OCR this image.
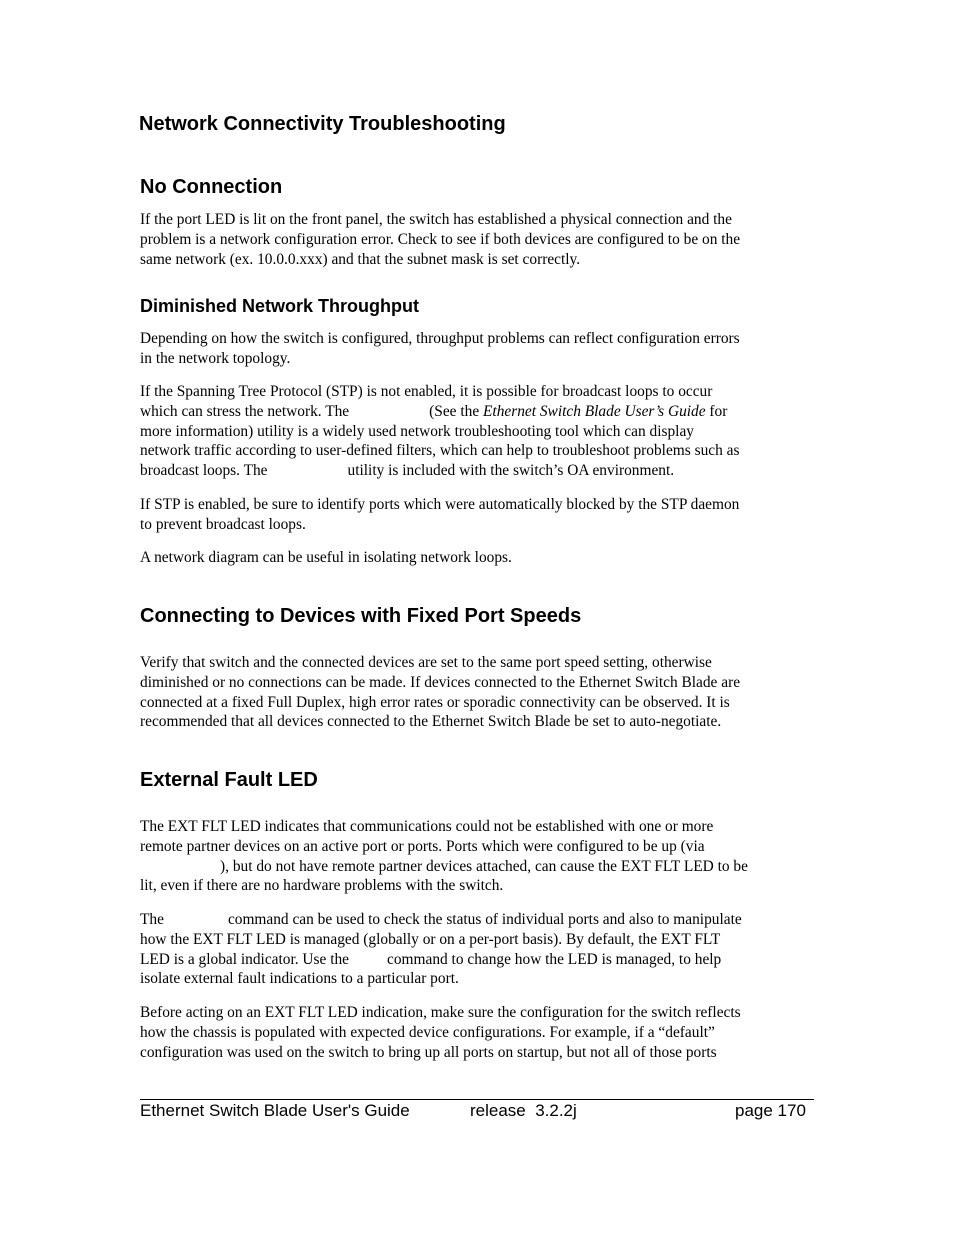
Network Connectivity Troubleshooting
No Connection

If the port LED is lit on the front panel, the switch has established a physical connection and the
problem is a network configuration error. Check to see if both devices are configured to be on the
same network (ex. 10.0.0.xxx) and that the subnet mask is set correctly.

Diminished Network Throughput

Depending on how the switch is configured, throughput problems can reflect configuration errors
in the network topology.

If the Spanning Tree Protocol (STP) is not enabled, it is possible for broadcast loops to occur
which can stress the network. The	(See the Ethernet Switch Blade User’s Guide for
more information) utility is a widely used network troubleshooting tool which can display
network traffic according to user-defined filters, which can help to troubleshoot problems such as
broadcast loops. The	utility is included with the switch’s OA environment.

If STP is enabled, be sure to identify ports which were automatically blocked by the STP daemon
to prevent broadcast loops.

A network diagram can be useful in isolating network loops.

Connecting to Devices with Fixed Port Speeds

Verify that switch and the connected devices are set to the same port speed setting, otherwise
diminished or no connections can be made. If devices connected to the Ethernet Switch Blade are
connected at a fixed Full Duplex, high error rates or sporadic connectivity can be observed. It is
recommended that all devices connected to the Ethernet Switch Blade be set to auto-negotiate.

External Fault LED

The EXT FLT LED indicates that communications could not be established with one or more
remote partner devices on an active port or ports. Ports which were configured to be up (via
), but do not have remote partner devices attached, can cause the EXT FLT LED to be
lit, even if there are no hardware problems with the switch.

The	command can be used to check the status of individual ports and also to manipulate
how the EXT FLT LED is managed (globally or on a per-port basis). By default, the EXT FLT
LED is a global indicator. Use the command to change how the LED is managed, to help
isolate external fault indications to a particular port.

Before acting on an EXT FLT LED indication, make sure the configuration for the switch reflects
how the chassis is populated with expected device configurations. For example, if a “default”
configuration was used on the switch to bring up all ports on startup, but not all of those ports

Ethernet Switch Blade User's Guide	release  3.2.2j	page 170
